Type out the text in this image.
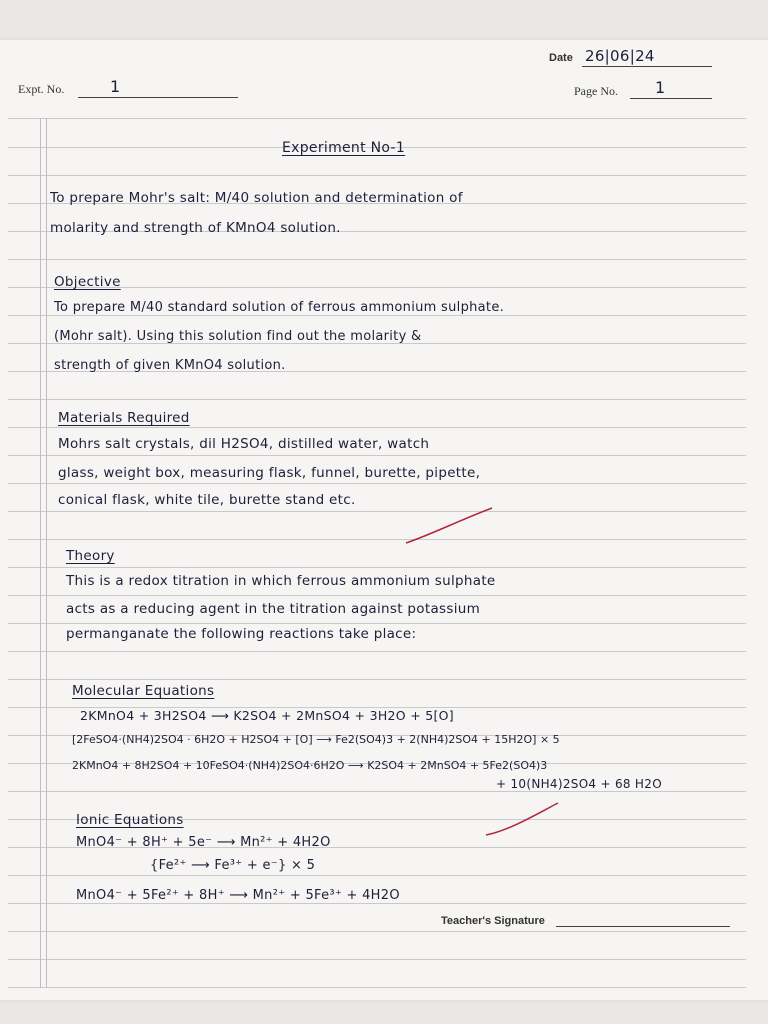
Date 26|06|24
Expt. No.	1	Page No. 1
Experiment No-1
To prepare Mohr's salt: M/40 solution and determination of
molarity and strength of KMnO4 solution.
Objective
To prepare M/40 standard solution of ferrous ammonium sulphate.
(Mohr salt). Using this solution find out the molarity &
strength of given KMnO4 solution.
Materials Required
Mohrs salt crystals, dil H2SO4, distilled water, watch
glass, weight box, measuring flask, funnel, burette, pipette,
conical flask, white tile, burette stand etc.
Theory
This is a redox titration in which ferrous ammonium sulphate
acts as a reducing agent in the titration against potassium
permanganate the following reactions take place:
Molecular Equations
2KMnO4 + 3H2SO4 ⟶ K2SO4 + 2MnSO4 + 3H2O + 5[O]
[2FeSO4·(NH4)2SO4 · 6H2O + H2SO4 + [O] ⟶ Fe2(SO4)3 + 2(NH4)2SO4 + 15H2O] × 5
2KMnO4 + 8H2SO4 + 10FeSO4·(NH4)2SO4·6H2O ⟶ K2SO4 + 2MnSO4 + 5Fe2(SO4)3
+ 10(NH4)2SO4 + 68 H2O
Ionic Equations
MnO4⁻ + 8H⁺ + 5e⁻ ⟶ Mn²⁺ + 4H2O
{Fe²⁺ ⟶ Fe³⁺ + e⁻} × 5
MnO4⁻ + 5Fe²⁺ + 8H⁺ ⟶ Mn²⁺ + 5Fe³⁺ + 4H2O
Teacher's Signature
